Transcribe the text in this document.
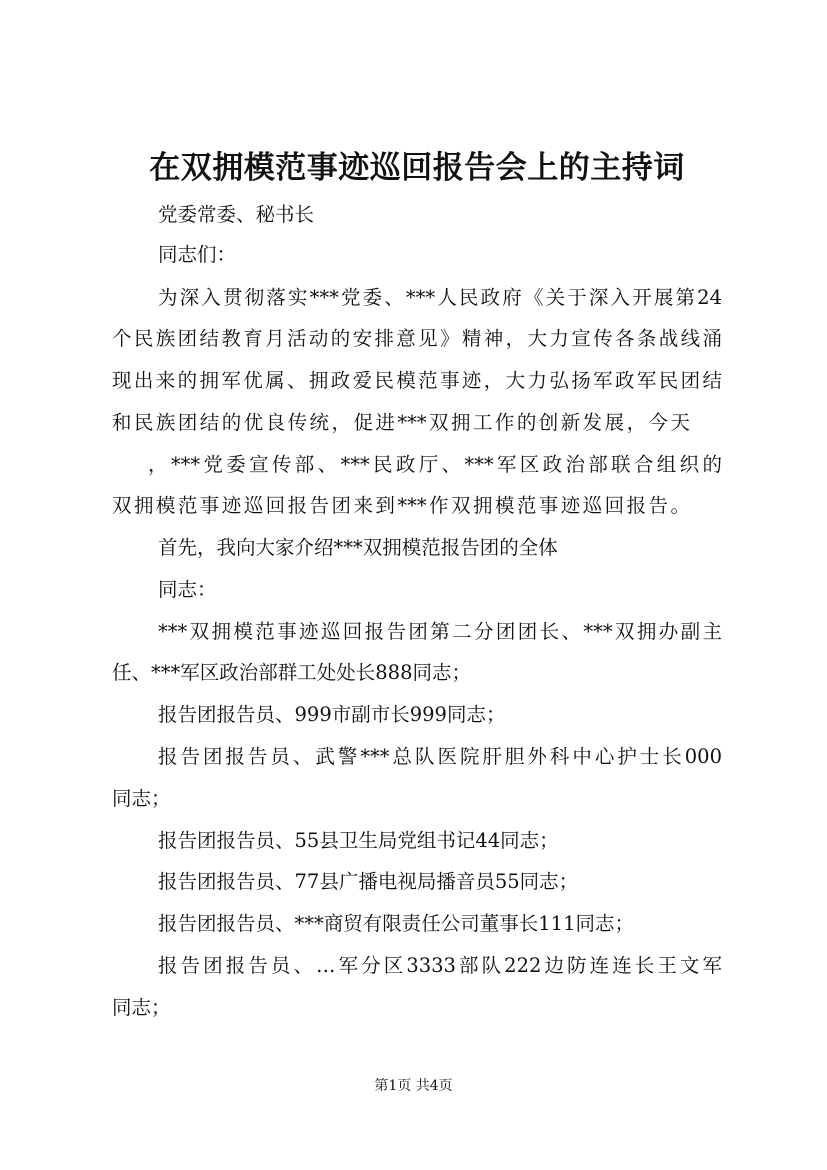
在双拥模范事迹巡回报告会上的主持词
党委常委、秘书长
同志们：
为深入贯彻落实***党委、***人民政府《关于深入开展第24
个民族团结教育月活动的安排意见》精神，大力宣传各条战线涌
现出来的拥军优属、拥政爱民模范事迹，大力弘扬军政军民团结
和民族团结的优良传统，促进***双拥工作的创新发展，今天
，***党委宣传部、***民政厅、***军区政治部联合组织的
双拥模范事迹巡回报告团来到***作双拥模范事迹巡回报告。
首先，我向大家介绍***双拥模范报告团的全体
同志：
***双拥模范事迹巡回报告团第二分团团长、***双拥办副主
任、***军区政治部群工处处长888同志；
报告团报告员、999市副市长999同志；
报告团报告员、武警***总队医院肝胆外科中心护士长000
同志；
报告团报告员、55县卫生局党组书记44同志；
报告团报告员、77县广播电视局播音员55同志；
报告团报告员、***商贸有限责任公司董事长111同志；
报告团报告员、…军分区3333部队222边防连连长王文军
同志；
第1页 共4页
